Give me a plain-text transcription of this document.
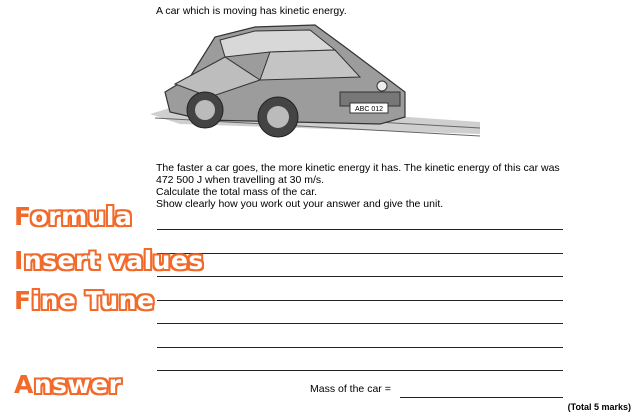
A car which is moving has kinetic energy.
ABC 012
The faster a car goes, the more kinetic energy it has. The kinetic energy of this car was
472 500 J when travelling at 30 m/s.
Calculate the total mass of the car.
Show clearly how you work out your answer and give the unit.
Mass of the car =
(Total 5 marks)
Formula
Insert values
Fine Tune
Answer
